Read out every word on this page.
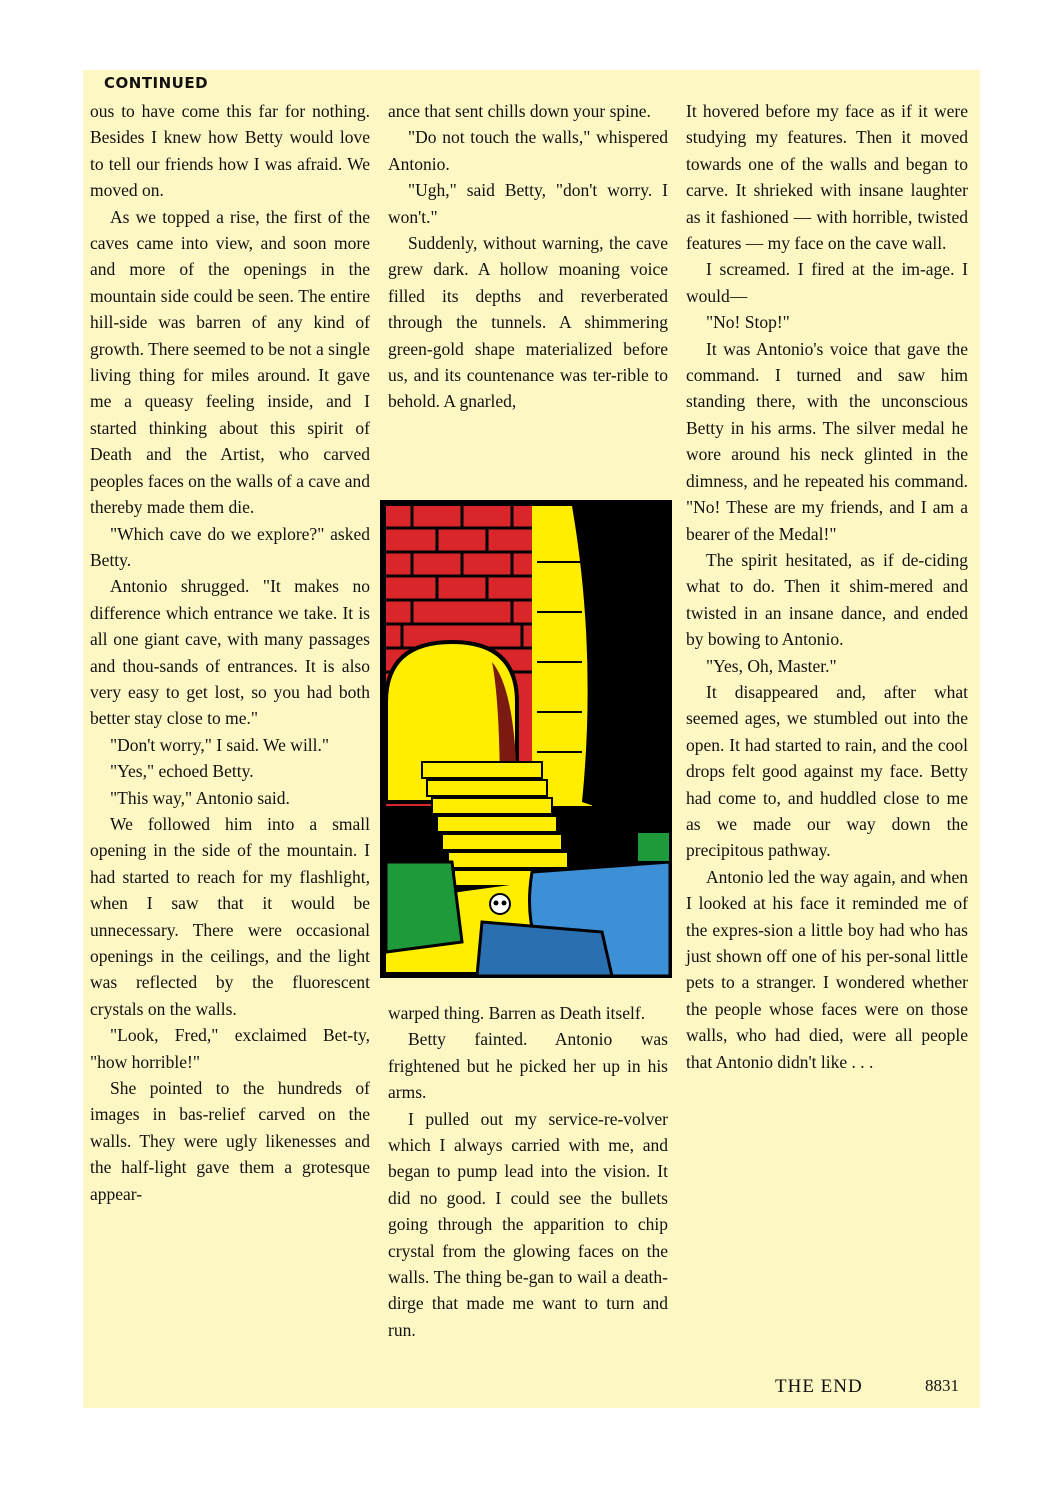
CONTINUED

ous to have come this far for nothing. Besides I knew how Betty would love to tell our friends how I was afraid. We moved on.

As we topped a rise, the first of the caves came into view, and soon more and more of the openings in the mountain side could be seen. The entire hill-side was barren of any kind of growth. There seemed to be not a single living thing for miles around. It gave me a queasy feeling inside, and I started thinking about this spirit of Death and the Artist, who carved peoples faces on the walls of a cave and thereby made them die.

"Which cave do we explore?" asked Betty.

Antonio shrugged. "It makes no difference which entrance we take. It is all one giant cave, with many passages and thou-sands of entrances. It is also very easy to get lost, so you had both better stay close to me."

"Don't worry," I said. We will."

"Yes," echoed Betty.

"This way," Antonio said.

We followed him into a small opening in the side of the mountain. I had started to reach for my flashlight, when I saw that it would be unnecessary. There were occasional openings in the ceilings, and the light was reflected by the fluorescent crystals on the walls.

"Look, Fred," exclaimed Bet-ty, "how horrible!"

She pointed to the hundreds of images in bas-relief carved on the walls. They were ugly likenesses and the half-light gave them a grotesque appear-

ance that sent chills down your spine.

"Do not touch the walls," whispered Antonio.

"Ugh," said Betty, "don't worry. I won't."

Suddenly, without warning, the cave grew dark. A hollow moaning voice filled its depths and reverberated through the tunnels. A shimmering green-gold shape materialized before us, and its countenance was ter-rible to behold. A gnarled,

warped thing. Barren as Death itself.

Betty fainted. Antonio was frightened but he picked her up in his arms.

I pulled out my service-re-volver which I always carried with me, and began to pump lead into the vision. It did no good. I could see the bullets going through the apparition to chip crystal from the glowing faces on the walls. The thing be-gan to wail a death-dirge that made me want to turn and run.

It hovered before my face as if it were studying my features. Then it moved towards one of the walls and began to carve. It shrieked with insane laughter as it fashioned — with horrible, twisted features — my face on the cave wall.

I screamed. I fired at the im-age. I would—

"No! Stop!"

It was Antonio's voice that gave the command. I turned and saw him standing there, with the unconscious Betty in his arms. The silver medal he wore around his neck glinted in the dimness, and he repeated his command. "No! These are my friends, and I am a bearer of the Medal!"

The spirit hesitated, as if de-ciding what to do. Then it shim-mered and twisted in an insane dance, and ended by bowing to Antonio.

"Yes, Oh, Master."

It disappeared and, after what seemed ages, we stumbled out into the open. It had started to rain, and the cool drops felt good against my face. Betty had come to, and huddled close to me as we made our way down the precipitous pathway.

Antonio led the way again, and when I looked at his face it reminded me of the expres-sion a little boy had who has just shown off one of his per-sonal little pets to a stranger. I wondered whether the people whose faces were on those walls, who had died, were all people that Antonio didn't like . . .

THE END	8831
